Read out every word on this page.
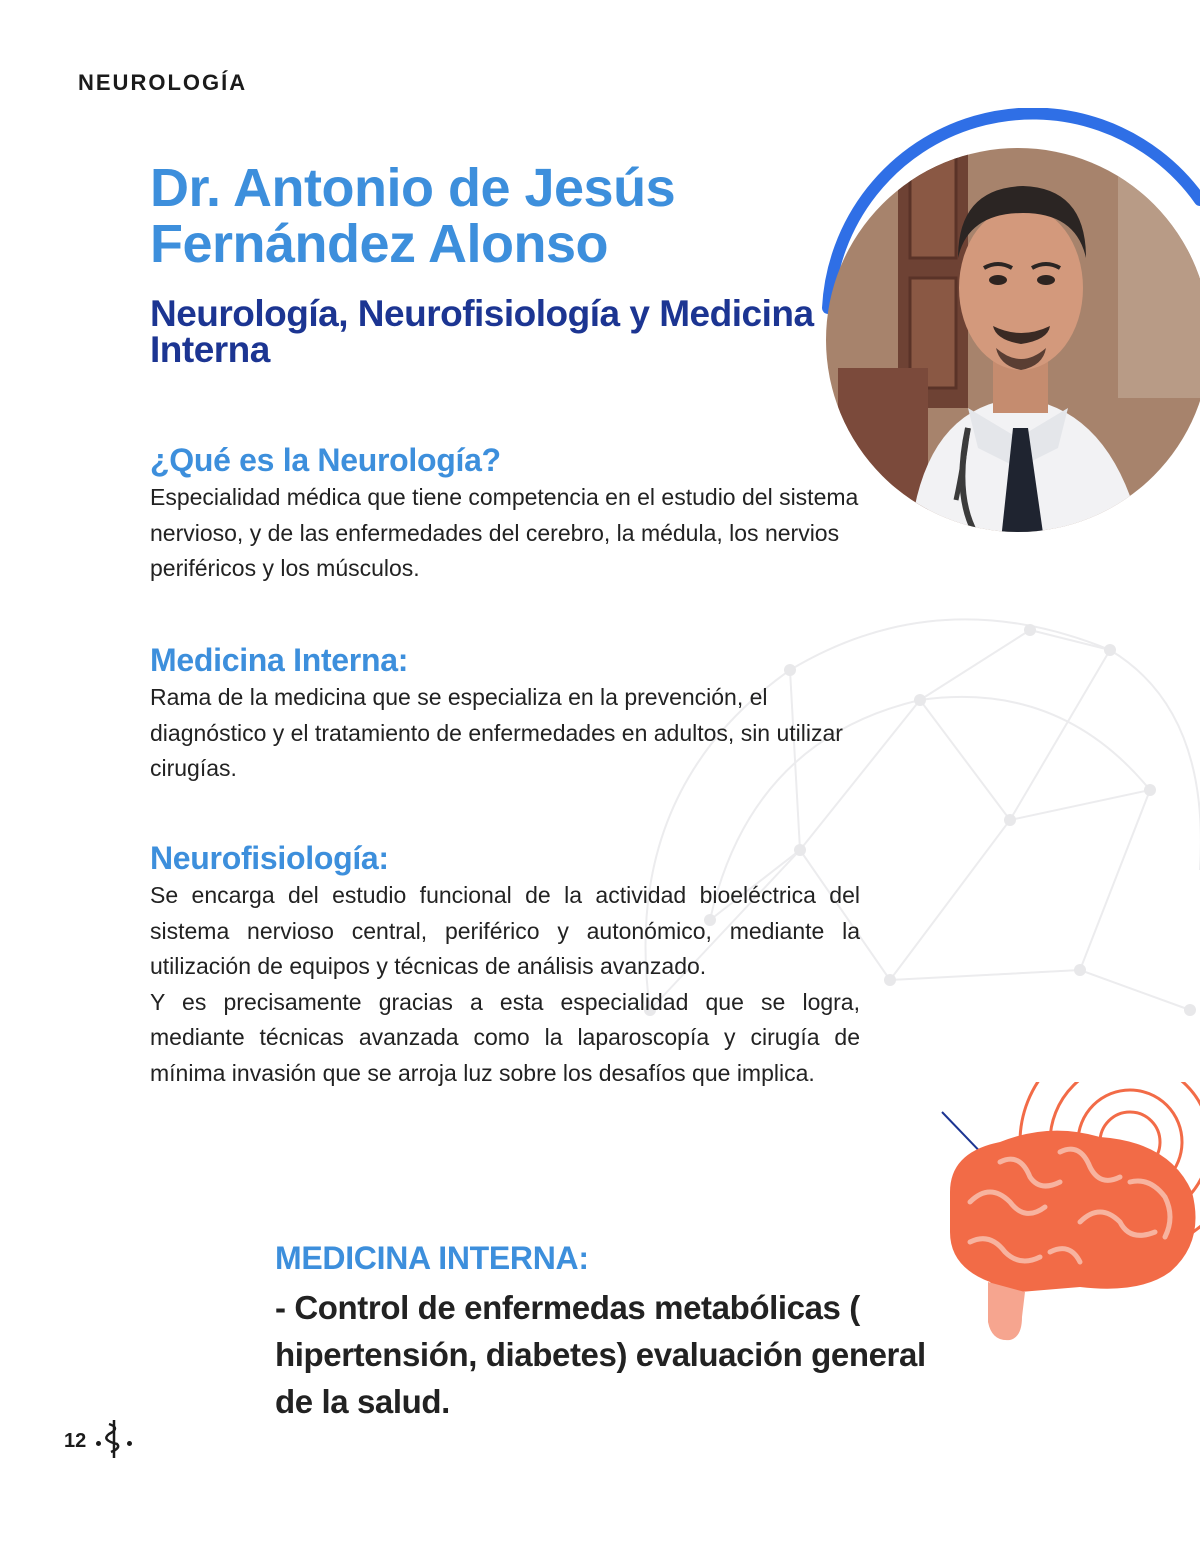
NEUROLOGÍA
Dr. Antonio de Jesús Fernández Alonso
Neurología, Neurofisiología y Medicina Interna
¿Qué es la Neurología?

Especialidad médica que tiene competencia en el estudio del sistema nervioso, y de las enfermedades del cerebro, la médula, los nervios periféricos y los músculos.

Medicina Interna:

Rama de la medicina que se especializa en la prevención, el diagnóstico y el tratamiento de enfermedades en adultos, sin utilizar cirugías.

Neurofisiología:

Se encarga del estudio funcional de la actividad bioeléctrica del sistema nervioso central, periférico y autonómico, mediante la utilización de equipos y técnicas de análisis avanzado.

Y es precisamente gracias a esta especialidad que se logra, mediante técnicas avanzada como la laparoscopía y cirugía de mínima invasión que se arroja luz sobre los desafíos que implica.

MEDICINA INTERNA:
- Control de enfermedas metabólicas ( hipertensión, diabetes) evaluación general de la salud.
12
